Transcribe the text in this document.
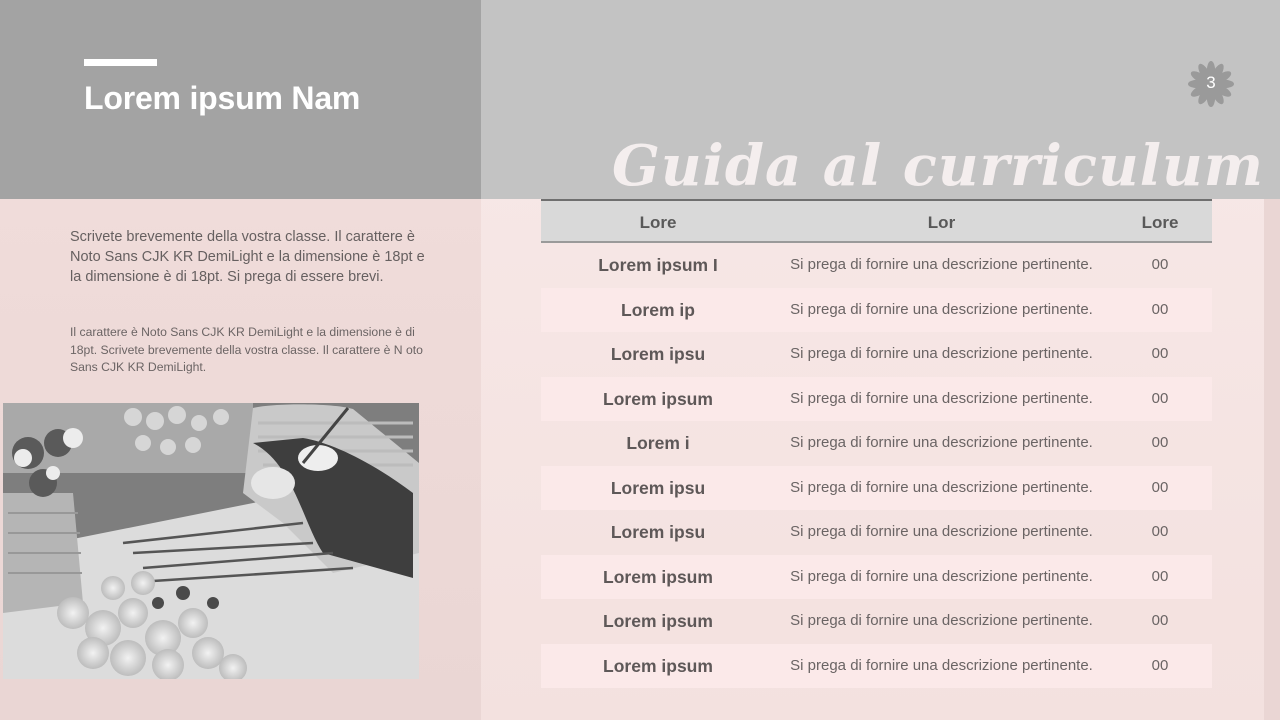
Lorem ipsum Nam	3
Guida al curriculum

Scrivete brevemente della vostra classe. Il carattere è Noto Sans CJK KR DemiLight e la dimensione è 18pt e la dimensione è di 18pt. Si prega di essere brevi.

Il carattere è Noto Sans CJK KR DemiLight e la dimensione è di 18pt. Scrivete brevemente della vostra classe. Il carattere è N oto Sans CJK KR DemiLight.

Lore	Lor	Lore
Lorem ipsum I	Si prega di fornire una descrizione pertinente.	00
Lorem ip	Si prega di fornire una descrizione pertinente.	00
Lorem ipsu	Si prega di fornire una descrizione pertinente.	00
Lorem ipsum	Si prega di fornire una descrizione pertinente.	00
Lorem i	Si prega di fornire una descrizione pertinente.	00
Lorem ipsu	Si prega di fornire una descrizione pertinente.	00
Lorem ipsu	Si prega di fornire una descrizione pertinente.	00
Lorem ipsum	Si prega di fornire una descrizione pertinente.	00
Lorem ipsum	Si prega di fornire una descrizione pertinente.	00
Lorem ipsum	Si prega di fornire una descrizione pertinente.	00
